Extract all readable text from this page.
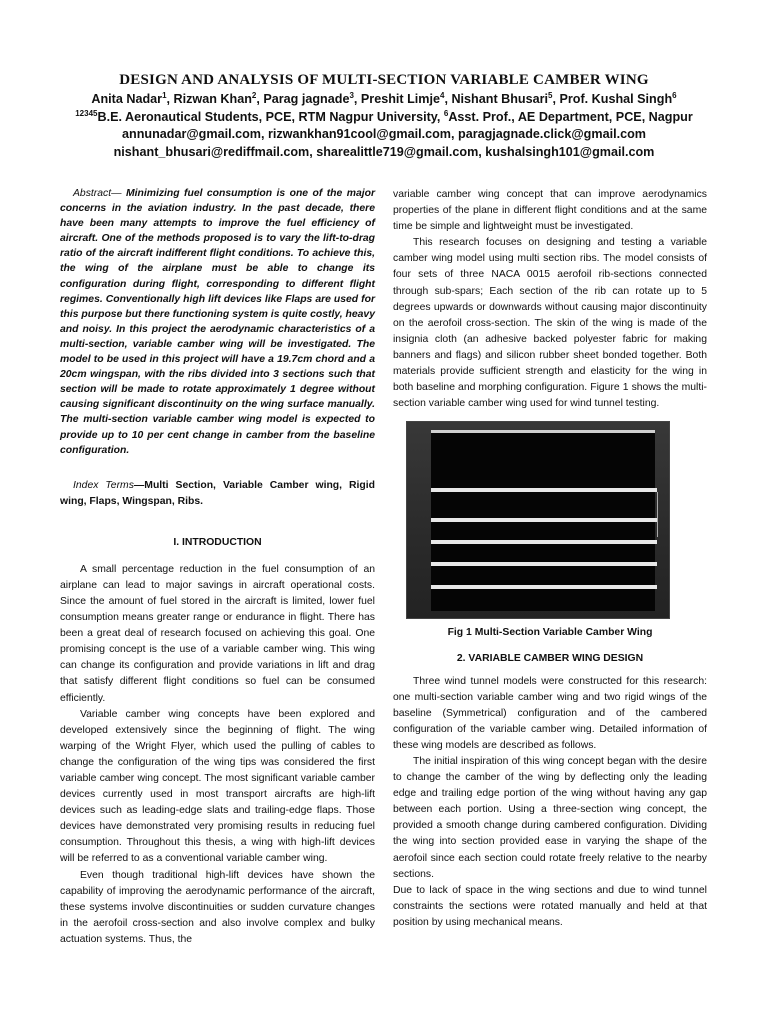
DESIGN AND ANALYSIS OF MULTI-SECTION VARIABLE CAMBER WING
Anita Nadar$^1$, Rizwan Khan$^2$, Parag jagnade$^3$, Preshit Limje$^4$, Nishant Bhusari$^5$, Prof. Kushal Singh$^6$
$^{12345}$B.E. Aeronautical Students, PCE, RTM Nagpur University, $^6$Asst. Prof., AE Department, PCE, Nagpur
annunadar@gmail.com, rizwankhan91cool@gmail.com, paragjagnade.click@gmail.com
nishant_bhusari@rediffmail.com, sharealittle719@gmail.com, kushalsingh101@gmail.com

Abstract— Minimizing fuel consumption is one of the major concerns in the aviation industry. In the past decade, there have been many attempts to improve the fuel efficiency of aircraft. One of the methods proposed is to vary the lift-to-drag ratio of the aircraft indifferent flight conditions. To achieve this, the wing of the airplane must be able to change its configuration during flight, corresponding to different flight regimes. Conventionally high lift devices like Flaps are used for this purpose but there functioning system is quite costly, heavy and noisy. In this project the aerodynamic characteristics of a multi-section, variable camber wing will be investigated. The model to be used in this project will have a 19.7cm chord and a 20cm wingspan, with the ribs divided into 3 sections such that section will be made to rotate approximately 1 degree without causing significant discontinuity on the wing surface manually. The multi-section variable camber wing model is expected to provide up to 10 per cent change in camber from the baseline configuration.

Index Terms—Multi Section, Variable Camber wing, Rigid wing, Flaps, Wingspan, Ribs.

I. INTRODUCTION

A small percentage reduction in the fuel consumption of an airplane can lead to major savings in aircraft operational costs. Since the amount of fuel stored in the aircraft is limited, lower fuel consumption means greater range or endurance in flight. There has been a great deal of research focused on achieving this goal. One promising concept is the use of a variable camber wing. This wing can change its configuration and provide variations in lift and drag that satisfy different flight conditions so fuel can be consumed efficiently.

Variable camber wing concepts have been explored and developed extensively since the beginning of flight. The wing warping of the Wright Flyer, which used the pulling of cables to change the configuration of the wing tips was considered the first variable camber wing concept. The most significant variable camber devices currently used in most transport aircrafts are high-lift devices such as leading-edge slats and trailing-edge flaps. Those devices have demonstrated very promising results in reducing fuel consumption. Throughout this thesis, a wing with high-lift devices will be referred to as a conventional variable camber wing.

Even though traditional high-lift devices have shown the capability of improving the aerodynamic performance of the aircraft, these systems involve discontinuities or sudden curvature changes in the aerofoil cross-section and also involve complex and bulky actuation systems. Thus, the

variable camber wing concept that can improve aerodynamics properties of the plane in different flight conditions and at the same time be simple and lightweight must be investigated.

This research focuses on designing and testing a variable camber wing model using multi section ribs. The model consists of four sets of three NACA 0015 aerofoil rib-sections connected through sub-spars; Each section of the rib can rotate up to 5 degrees upwards or downwards without causing major discontinuity on the aerofoil cross-section. The skin of the wing is made of the insignia cloth (an adhesive backed polyester fabric for making banners and flags) and silicon rubber sheet bonded together. Both materials provide sufficient strength and elasticity for the wing in both baseline and morphing configuration. Figure 1 shows the multi-section variable camber wing used for wind tunnel testing.

Fig 1 Multi-Section Variable Camber Wing
2. VARIABLE CAMBER WING DESIGN

Three wind tunnel models were constructed for this research: one multi-section variable camber wing and two rigid wings of the baseline (Symmetrical) configuration and of the cambered configuration of the variable camber wing. Detailed information of these wing models are described as follows.

The initial inspiration of this wing concept began with the desire to change the camber of the wing by deflecting only the leading edge and trailing edge portion of the wing without having any gap between each portion. Using a three-section wing concept, the provided a smooth change during cambered configuration. Dividing the wing into section provided ease in varying the shape of the aerofoil since each section could rotate freely relative to the nearby sections.

Due to lack of space in the wing sections and due to wind tunnel constraints the sections were rotated manually and held at that position by using mechanical means.
